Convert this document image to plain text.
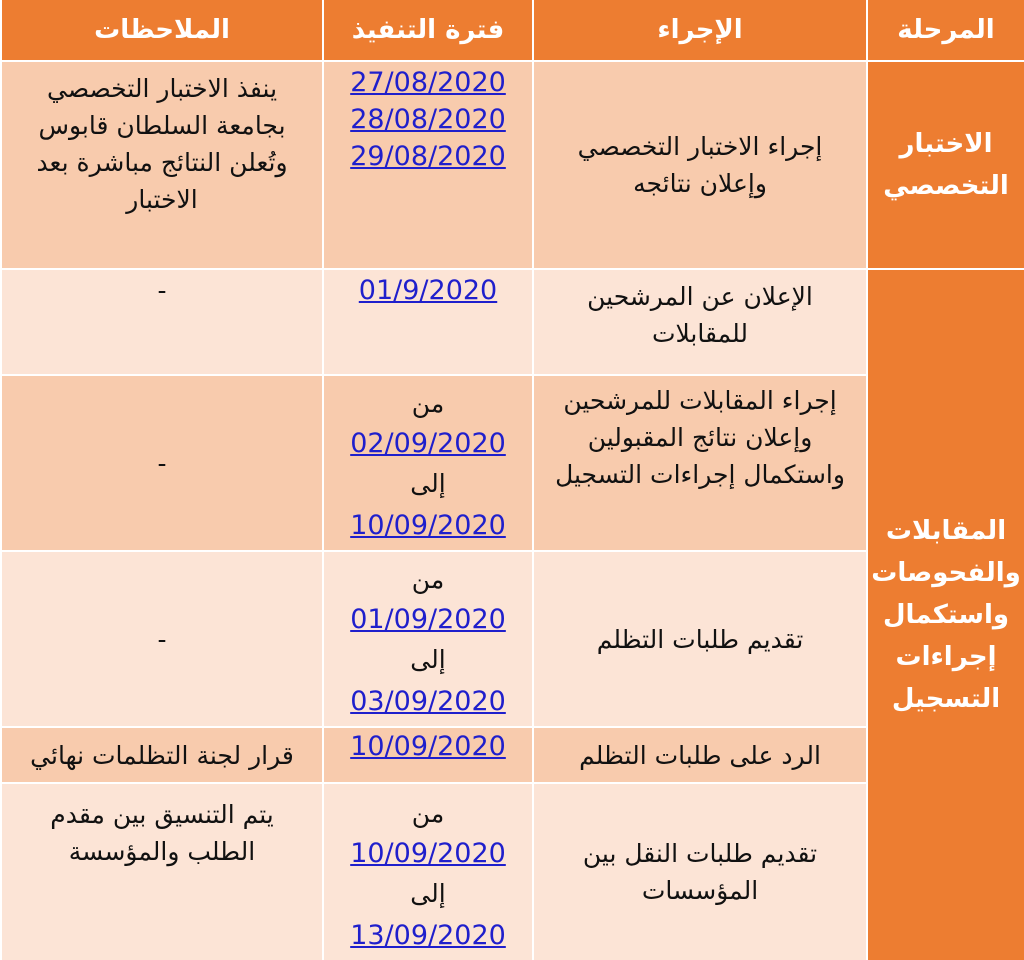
المرحلة
الإجراء
فترة التنفيذ
الملاحظات
الاختبار
التخصصي
المقابلات
والفحوصات
واستكمال
إجراءات
التسجيل
إجراء الاختبار التخصصي
وإعلان نتائجه
27/08/2020
28/08/2020
29/08/2020
ينفذ الاختبار التخصصي
بجامعة السلطان قابوس
وتُعلن النتائج مباشرة بعد
الاختبار
الإعلان عن المرشحين
للمقابلات
01/9/2020
-
إجراء المقابلات للمرشحين
وإعلان نتائج المقبولين
واستكمال إجراءات التسجيل
من
02/09/2020
إلى
10/09/2020
-
تقديم طلبات التظلم
من
01/09/2020
إلى
03/09/2020
-
الرد على طلبات التظلم
10/09/2020
قرار لجنة التظلمات نهائي
تقديم طلبات النقل بين
المؤسسات
من
10/09/2020
إلى
13/09/2020
يتم التنسيق بين مقدم
الطلب والمؤسسة
